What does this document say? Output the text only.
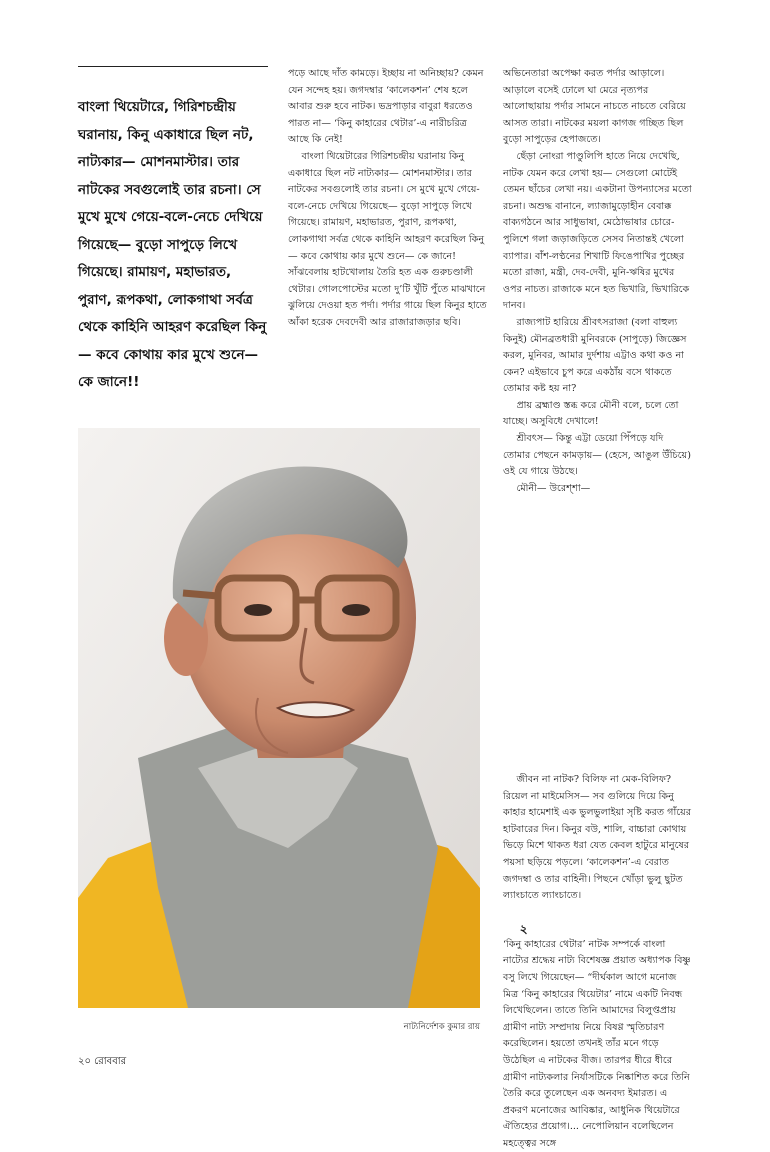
বাংলা থিয়েটারে, গিরিশচন্দ্রীয় ঘরানায়, কিনু একাধারে ছিল নট, নাট্যকার— মোশনমাস্টার। তার নাটকের সবগুলোই তার রচনা। সে মুখে মুখে গেয়ে-বলে-নেচে দেখিয়ে গিয়েছে— বুড়ো সাপুড়ে লিখে গিয়েছে। রামায়ণ, মহাভারত, পুরাণ, রূপকথা, লোকগাথা সর্বত্র থেকে কাহিনি আহরণ করেছিল কিনু— কবে কোথায় কার মুখে শুনে— কে জানে!!

পড়ে আছে দাঁত কামড়ে। ইচ্ছায় না অনিচ্ছায়? কেমন যেন সন্দেহ হয়। জগদম্বার ‘কালেকশন’ শেষ হলে আবার শুরু হবে নাটক। ভদ্রপাড়ার বাবুরা ধরতেও পারত না— ‘কিনু কাহারের থেটার’-এ নারীচরিত্র আছে কি নেই!

বাংলা থিয়েটারের গিরিশচন্দ্রীয় ঘরানায় কিনু একাধারে ছিল নট নাট্যকার— মোশনমাস্টার। তার নাটকের সবগুলোই তার রচনা। সে মুখে মুখে গেয়ে-বলে-নেচে দেখিয়ে গিয়েছে— বুড়ো সাপুড়ে লিখে গিয়েছে। রামায়ণ, মহাভারত, পুরাণ, রূপকথা, লোকগাথা সর্বত্র থেকে কাহিনি আহরণ করেছিল কিনু— কবে কোথায় কার মুখে শুনে— কে জানে! সাঁঝবেলায় হাটখোলায় তৈরি হত এক গুরুচণ্ডালী থেটার। গোলপোস্টের মতো দু’টি খুঁটি পুঁতে মাঝখানে ঝুলিয়ে দেওয়া হত পর্দা। পর্দার গায়ে ছিল কিনুর হাতে আঁকা হরেক দেবদেবী আর রাজারাজড়ার ছবি।

অভিনেতারা অপেক্ষা করত পর্দার আড়ালে। আড়ালে বসেই ঢোলে ঘা মেরে নৃত্যপর আলোছায়ায় পর্দার সামনে নাচতে নাচতে বেরিয়ে আসত তারা। নাটকের ময়লা কাগজ গচ্ছিত ছিল বুড়ো সাপুড়ের হেপাজতে।

ছেঁড়া নোংরা পাণ্ডুলিপি হাতে নিয়ে দেখেছি, নাটক যেমন করে লেখা হয়— সেগুলো মোটেই তেমন ছাঁচের লেখা নয়। একটানা উপন্যাসের মতো রচনা। অশুদ্ধ বানানে, ল্যাজামুড়োহীন বেবাক্ক বাক্যগঠনে আর সাধুভাষা, মেঠোভাষার চোরে-পুলিশে গলা জড়াজড়িতে সেসব নিতান্তই খেলো ব্যাপার। বাঁশ-লণ্ঠনের শিখাটি ফিঙেপাখির পুচ্ছের মতো রাজা, মন্ত্রী, দেব-দেবী, মুনি-ঋষির মুখের ওপর নাচত। রাজাকে মনে হত ভিখারি, ভিখারিকে দানব।

রাজ্যপাট হারিয়ে শ্রীবৎসরাজা (বলা বাহুল্য কিনুই) মৌনব্রতধারী মুনিবরকে (সাপুড়ে) জিজ্ঞেস করল, মুনিবর, আমার দুর্দশায় এট্টাও কথা কও না কেন? এইভাবে চুপ করে একঠাঁয় বসে থাকতে তোমার কষ্ট হয় না?

প্রায় ব্রহ্মাণ্ড স্তব্ধ করে মৌনী বলে, চলে তো যাচ্ছে। অসুবিধে দেখালে!

শ্রীবৎস— কিন্তু এট্টা ডেয়ো পিঁপড়ে যদি তোমার পেছনে কামড়ায়— (হেসে, আঙুল উঁচিয়ে) ওই যে গায়ে উঠছে।

মৌনী— উরেশ্শা—

জীবন না নাটক? বিলিফ না মেক-বিলিফ? রিয়েল না মাইমেসিস— সব গুলিয়ে দিয়ে কিনু কাহার হামেশাই এক ভুলভুলাইয়া সৃষ্টি করত গাঁয়ের হাটবারের দিন। কিনুর বউ, শালি, বাচ্চারা কোথায় ভিড়ে মিশে থাকত ধরা যেত কেবল হাটুরে মানুষের পয়সা ছড়িয়ে পড়লে। ‘কালেকশন’-এ বেরাত জগদম্বা ও তার বাহিনী। পিছনে খোঁড়া ভুলু ছুটত ল্যাংচাতে ল্যাংচাতে।

২

‘কিনু কাহারের থেটার’ নাটক সম্পর্কে বাংলা নাট্যের শ্রদ্ধেয় নাট্য বিশেষজ্ঞ প্রয়াত অধ্যাপক বিষ্ণু বসু লিখে গিয়েছেন— “দীর্ঘকাল আগে মনোজ মিত্র ‘কিনু কাহারের থিয়েটার’ নামে একটি নিবন্ধ লিখেছিলেন। তাতে তিনি আমাদের বিলুপ্তপ্রায় গ্রামীণ নাট্য সম্প্রদায় নিয়ে বিষণ্ণ স্মৃতিচারণ করেছিলেন। হয়তো তখনই তাঁর মনে গড়ে উঠেছিল এ নাটকের বীজ। তারপর ধীরে ধীরে গ্রামীণ নাট্যকলার নির্যাসটিকে নিষ্কাশিত করে তিনি তৈরি করে তুলেছেন এক অনবদ্য ইমারত। এ প্রকরণ মনোজের আবিষ্কার, আধুনিক থিয়েটারে ঐতিহ্যের প্রয়োগ।... নেপোলিয়ান বলেছিলেন মহত্ত্বের সঙ্গে

নাট্যনির্দেশক কুমার রায়
২০ রোববার
